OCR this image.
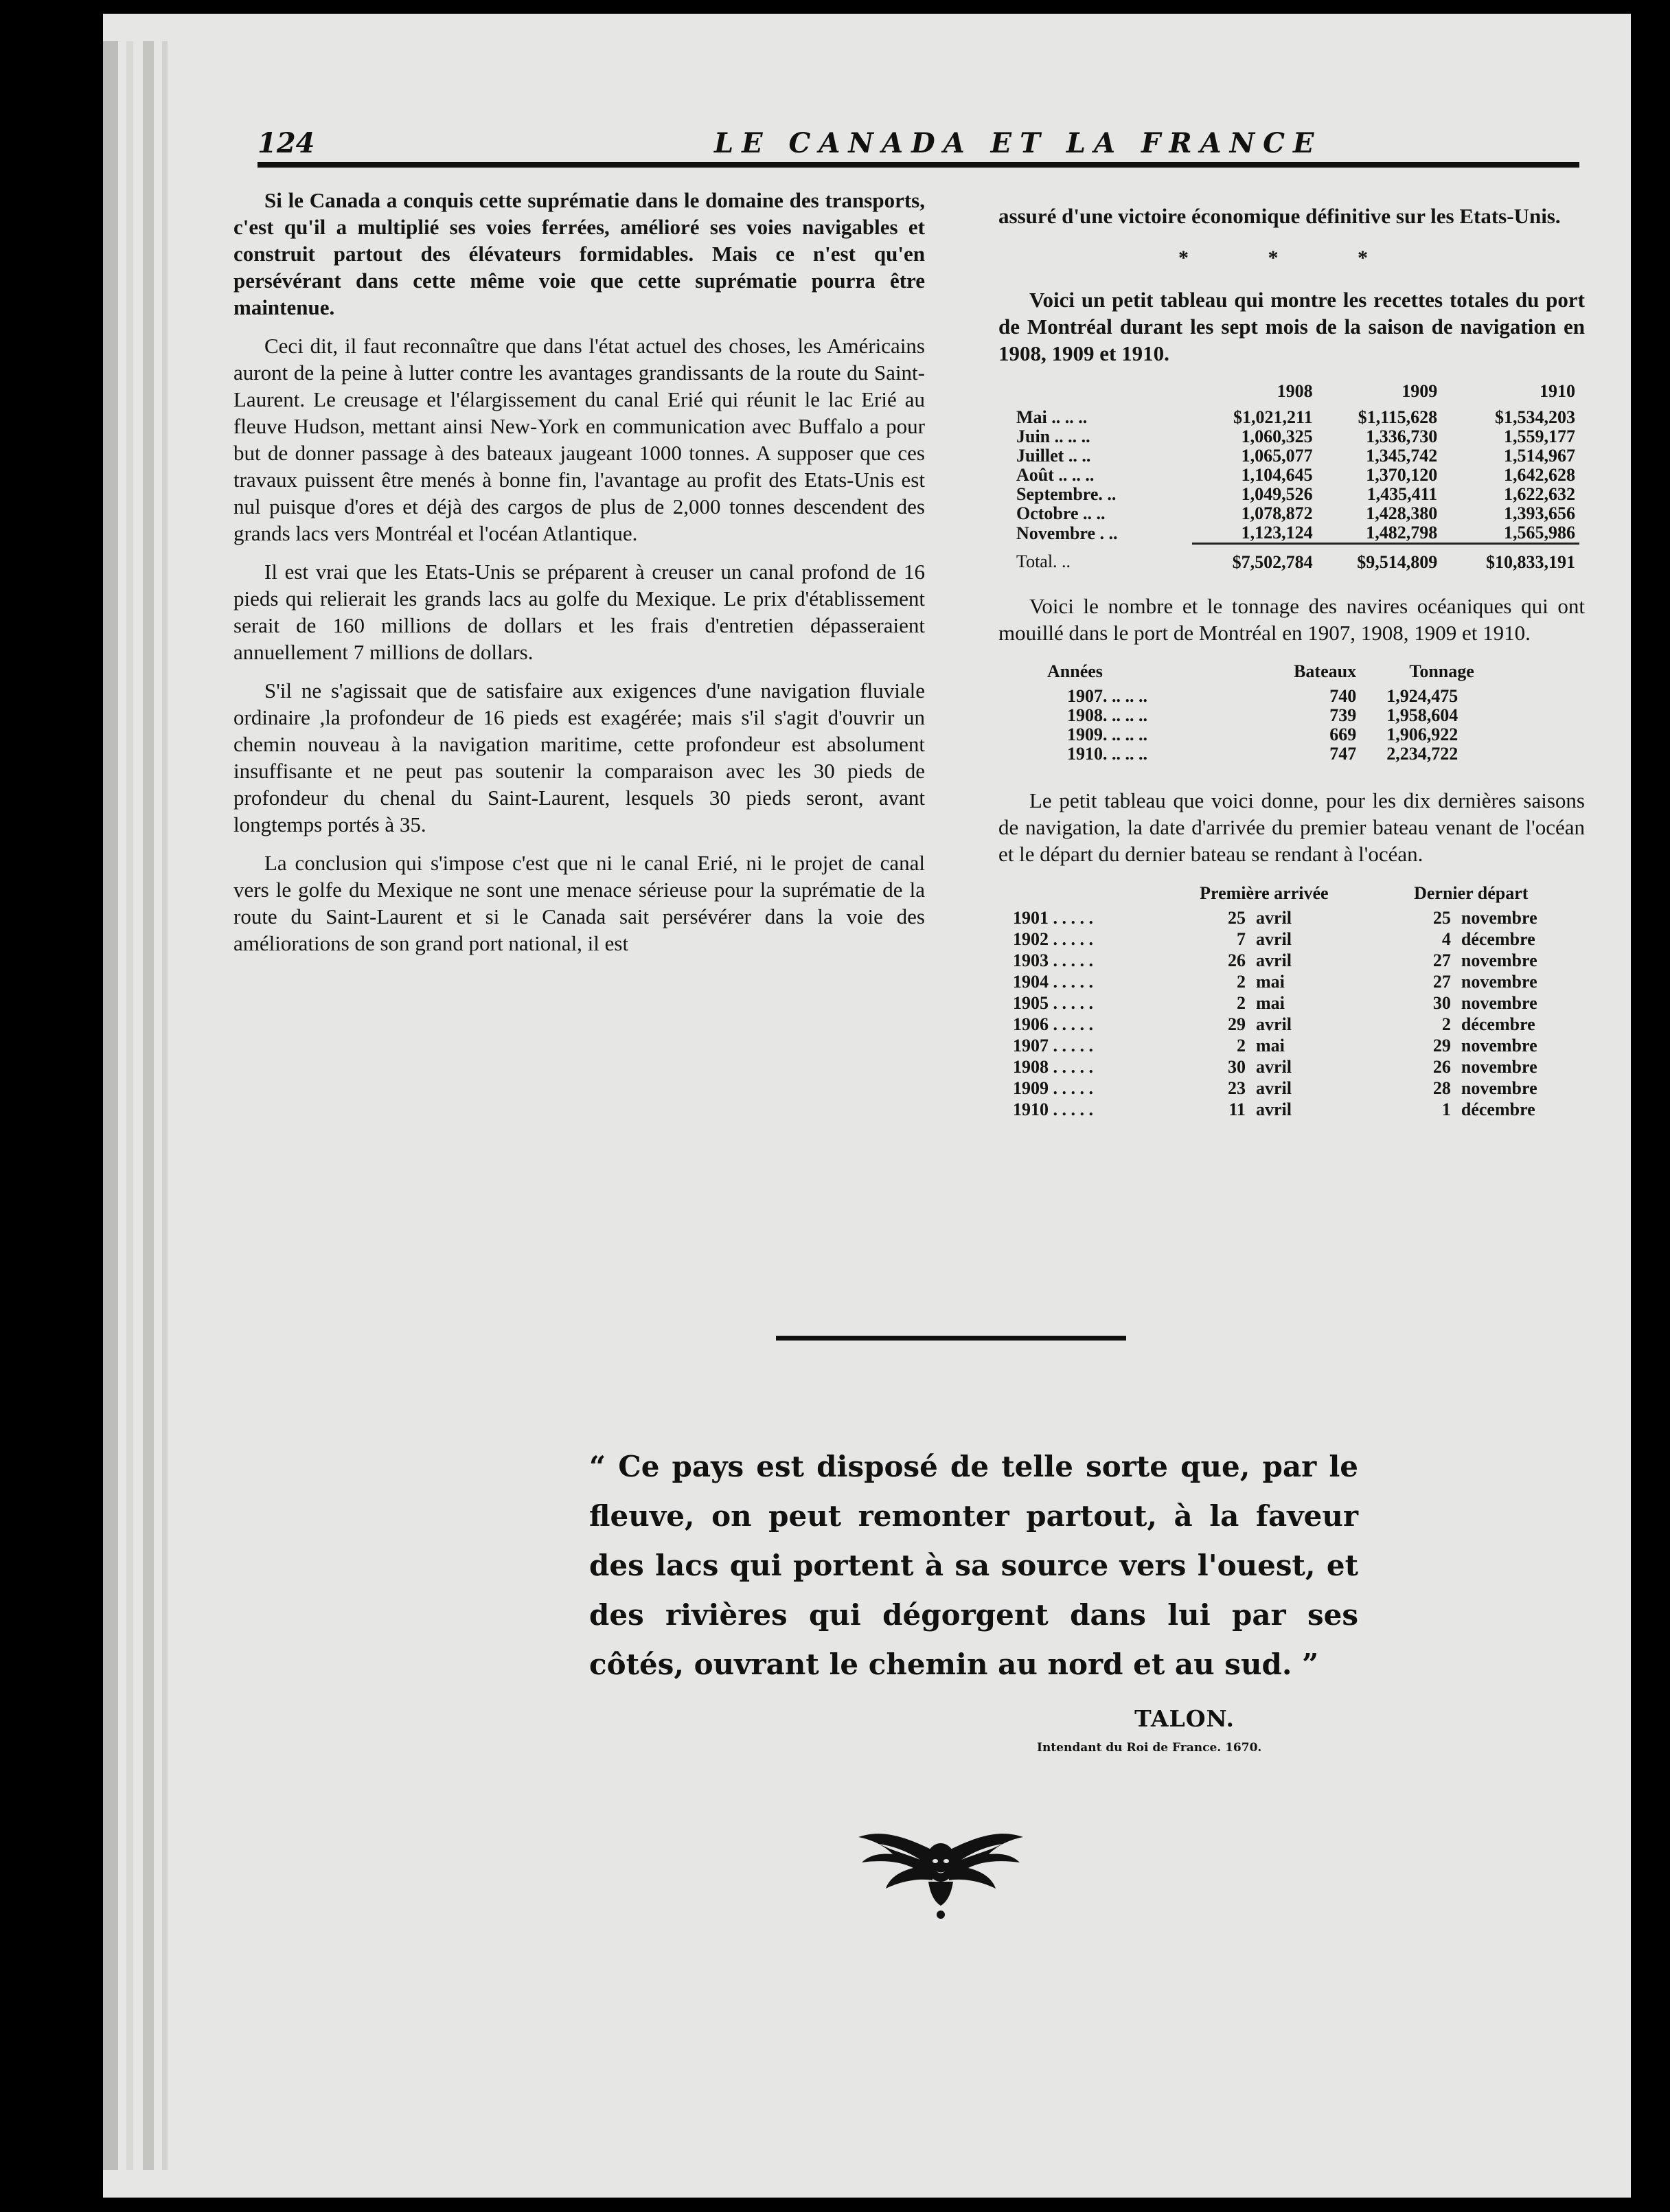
124	LE CANADA ET LA FRANCE

Si le Canada a conquis cette suprématie dans le domaine des transports, c'est qu'il a multiplié ses voies ferrées, amélioré ses voies navigables et construit partout des élévateurs formidables. Mais ce n'est qu'en persévérant dans cette même voie que cette suprématie pourra être maintenue.

Ceci dit, il faut reconnaître que dans l'état actuel des choses, les Américains auront de la peine à lutter contre les avantages grandissants de la route du Saint-Laurent. Le creusage et l'élargissement du canal Erié qui réunit le lac Erié au fleuve Hudson, mettant ainsi New-York en communication avec Buffalo a pour but de donner passage à des bateaux jaugeant 1000 tonnes. A supposer que ces travaux puissent être menés à bonne fin, l'avantage au profit des Etats-Unis est nul puisque d'ores et déjà des cargos de plus de 2,000 tonnes descendent des grands lacs vers Montréal et l'océan Atlantique.

Il est vrai que les Etats-Unis se préparent à creuser un canal profond de 16 pieds qui relierait les grands lacs au golfe du Mexique. Le prix d'établissement serait de 160 millions de dollars et les frais d'entretien dépasseraient annuellement 7 millions de dollars.

S'il ne s'agissait que de satisfaire aux exigences d'une navigation fluviale ordinaire ,la profondeur de 16 pieds est exagérée; mais s'il s'agit d'ouvrir un chemin nouveau à la navigation maritime, cette profondeur est absolument insuffisante et ne peut pas soutenir la comparaison avec les 30 pieds de profondeur du chenal du Saint-Laurent, lesquels 30 pieds seront, avant longtemps portés à 35.

La conclusion qui s'impose c'est que ni le canal Erié, ni le projet de canal vers le golfe du Mexique ne sont une menace sérieuse pour la suprématie de la route du Saint-Laurent et si le Canada sait persévérer dans la voie des améliorations de son grand port national, il est

assuré d'une victoire économique définitive sur les Etats-Unis.

* * *

Voici un petit tableau qui montre les recettes totales du port de Montréal durant les sept mois de la saison de navigation en 1908, 1909 et 1910.

	1908	1909	1910
Mai .. .. ..	$1,021,211	$1,115,628	$1,534,203
Juin .. .. ..	1,060,325	1,336,730	1,559,177
Juillet .. ..	1,065,077	1,345,742	1,514,967
Août .. .. ..	1,104,645	1,370,120	1,642,628
Septembre. ..	1,049,526	1,435,411	1,622,632
Octobre .. ..	1,078,872	1,428,380	1,393,656
Novembre . ..	1,123,124	1,482,798	1,565,986
Total. ..	$7,502,784	$9,514,809	$10,833,191

Voici le nombre et le tonnage des navires océaniques qui ont mouillé dans le port de Montréal en 1907, 1908, 1909 et 1910.

Années	Bateaux	Tonnage
1907. .. .. ..	740	1,924,475
1908. .. .. ..	739	1,958,604
1909. .. .. ..	669	1,906,922
1910. .. .. ..	747	2,234,722

Le petit tableau que voici donne, pour les dix dernières saisons de navigation, la date d'arrivée du premier bateau venant de l'océan et le départ du dernier bateau se rendant à l'océan.

	Première arrivée		Dernier départ	
1901 . . . . .	25	avril	25	novembre
1902 . . . . .	7	avril	4	décembre
1903 . . . . .	26	avril	27	novembre
1904 . . . . .	2	mai	27	novembre
1905 . . . . .	2	mai	30	novembre
1906 . . . . .	29	avril	2	décembre
1907 . . . . .	2	mai	29	novembre
1908 . . . . .	30	avril	26	novembre
1909 . . . . .	23	avril	28	novembre
1910 . . . . .	11	avril	1	décembre
“ Ce pays est disposé de telle sorte que, par le fleuve, on peut remonter partout, à la faveur des lacs qui portent à sa source vers l'ouest, et des rivières qui dégorgent dans lui par ses côtés, ouvrant le chemin au nord et au sud. ”
TALON.
Intendant du Roi de France. 1670.
